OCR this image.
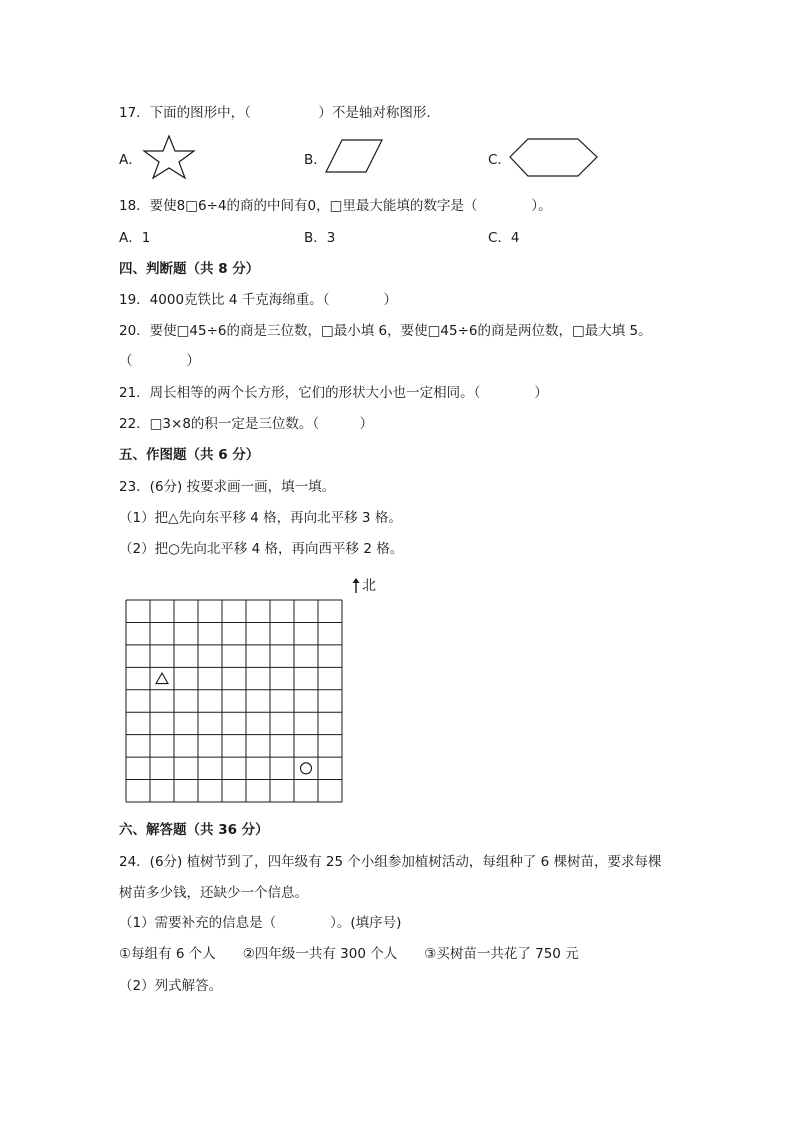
17．下面的图形中，（　　　　　）不是轴对称图形．
A．	B．	C．
18．要使8□6÷4的商的中间有0，□里最大能填的数字是（　　　　）。
A．1	B．3	C．4
四、判断题（共 8 分）
19．4000克铁比 4 千克海绵重。（　　　　）
20．要使□45÷6的商是三位数，□最小填 6，要使□45÷6的商是两位数，□最大填 5。
（　　　　）
21．周长相等的两个长方形，它们的形状大小也一定相同。（　　　　）
22．□3×8的积一定是三位数。（　　　）
五、作图题（共 6 分）
23．(6分) 按要求画一画，填一填。
（1）把△先向东平移 4 格，再向北平移 3 格。
（2）把○先向北平移 4 格，再向西平移 2 格。
北
六、解答题（共 36 分）
24．(6分) 植树节到了，四年级有 25 个小组参加植树活动，每组种了 6 棵树苗，要求每棵
树苗多少钱，还缺少一个信息。
（1）需要补充的信息是（　　　　）。(填序号)
①每组有 6 个人　　②四年级一共有 300 个人　　③买树苗一共花了 750 元
（2）列式解答。
